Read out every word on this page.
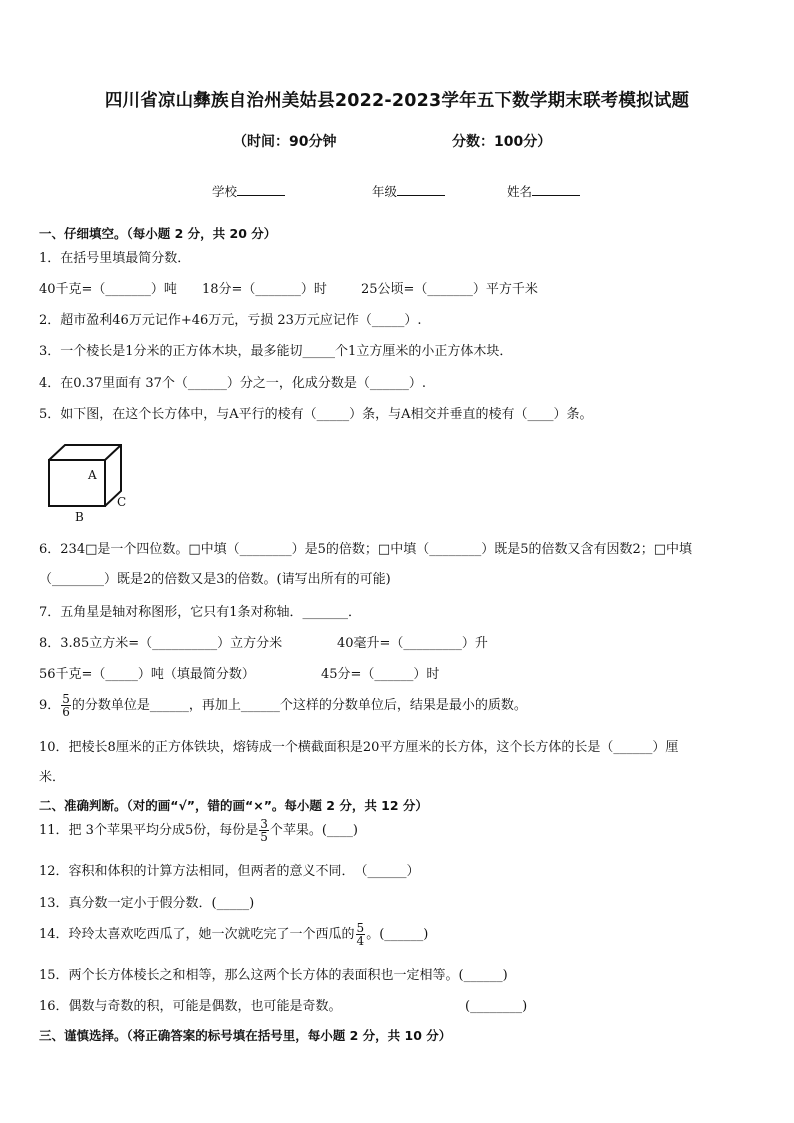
四川省凉山彝族自治州美姑县2022-2023学年五下数学期末联考模拟试题
（时间：90分钟	分数：100分）
学校	年级	姓名
一、仔细填空。（每小题 2 分，共 20 分）
1．在括号里填最简分数．
40千克=（_______）吨 18分=（_______）时	25公顷=（_______）平方千米
2．超市盈利46万元记作+46万元，亏损 23万元应记作（_____）.
3．一个棱长是1分米的正方体木块，最多能切_____个1立方厘米的小正方体木块．
4．在0.37里面有 37个（______）分之一，化成分数是（______）.
5．如下图，在这个长方体中，与A平行的棱有（_____）条，与A相交并垂直的棱有（____）条。
A
B
C
6．234□是一个四位数。□中填（________）是5的倍数；□中填（________）既是5的倍数又含有因数2；□中填
（________）既是2的倍数又是3的倍数。(请写出所有的可能)
7．五角星是轴对称图形，它只有1条对称轴．_______．
8．3.85立方米=（__________）立方分米	40毫升=（_________）升
56千克=（_____）吨（填最简分数）	45分=（______）时
9． $\frac{5}{6}$ 的分数单位是______，再加上______个这样的分数单位后，结果是最小的质数。
10．把棱长8厘米的正方体铁块，熔铸成一个横截面积是20平方厘米的长方体，这个长方体的长是（______）厘
米．
二、准确判断。（对的画“√”，错的画“×”。每小题 2 分，共 12 分）
11．把 3个苹果平均分成5份，每份是 $\frac{3}{5}$ 个苹果。(____)
12．容积和体积的计算方法相同，但两者的意义不同．　（______）
13．真分数一定小于假分数．(_____)
14．玲玲太喜欢吃西瓜了，她一次就吃完了一个西瓜的 $\frac{5}{4}$ 。(______)
15．两个长方体棱长之和相等，那么这两个长方体的表面积也一定相等。(______)
16．偶数与奇数的积，可能是偶数，也可能是奇数。	(________)
三、谨慎选择。（将正确答案的标号填在括号里，每小题 2 分，共 10 分）
